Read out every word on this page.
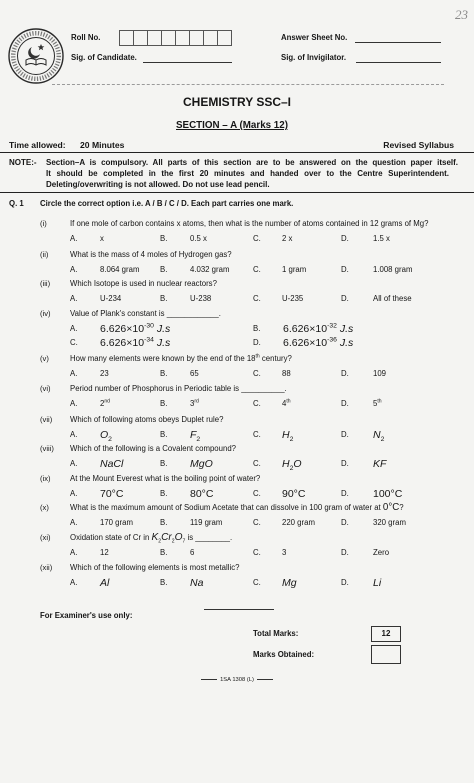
23
Roll No.	Answer Sheet No.
Sig. of Candidate.	Sig. of Invigilator.
CHEMISTRY SSC–I
SECTION – A (Marks 12)
Time allowed: 20 Minutes	Revised Syllabus
NOTE:- Section–A is compulsory. All parts of this section are to be answered on the question paper itself.
It should be completed in the first 20 minutes and handed over to the Centre Superintendent.
Deleting/overwriting is not allowed. Do not use lead pencil.
Q. 1 Circle the correct option i.e. A / B / C / D. Each part carries one mark.
(i)	If one mole of carbon contains x atoms, then what is the number of atoms contained in 12 grams of Mg?
A.	x	B.	0.5 x	C.	2 x	D.	1.5 x
(ii)	What is the mass of 4 moles of Hydrogen gas?
A.	8.064 gram	B.	4.032 gram	C.	1 gram	D.	1.008 gram
(iii)	Which Isotope is used in nuclear reactors?
A.	U-234	B.	U-238	C.	U-235	D.	All of these
(iv) Value of Plank's constant is ____________.
A. $6.626\times 10^{-30}$ J.s	B. $6.626\times 10^{-32}$ J.s
C. $6.626\times 10^{-34}$ J.s	D. $6.626\times 10^{-36}$ J.s
(v)	How many elements were known by the end of the 18th century?
A.	23	B.	65	C.	88	D.	109
(vi) Period number of Phosphorus in Periodic table is __________.
A.	2nd	B.	3rd	C.	4th	D.	5th
(vii) Which of following atoms obeys Duplet rule?
A. $O_2$
B. $F_2$
C. $H_2$
D. $N_2$
(viii) Which of the following is a Covalent compound?
A. NaCl	B. MgO	C. $H_2O$	D. KF
(ix) At the Mount Everest what is the boiling point of water?
A. 70°C	B. 80°C	C. 90°C	D. 100°C
(x)	What is the maximum amount of Sodium Acetate that can dissolve in 100 gram of water at 0°C?
A.	170 gram	B.	119 gram	C.	220 gram	D.	320 gram
(xi) Oxidation state of Cr in $K_2Cr_2O_7$ is ________.
A.	12	B.	6	C.	3	D.	Zero
(xii) Which of the following elements is most metallic?
A. Al	B. Na	C. Mg	D. Li
For Examiner's use only:
Total Marks:	12
Marks Obtained:
1SA 1308 (L)
